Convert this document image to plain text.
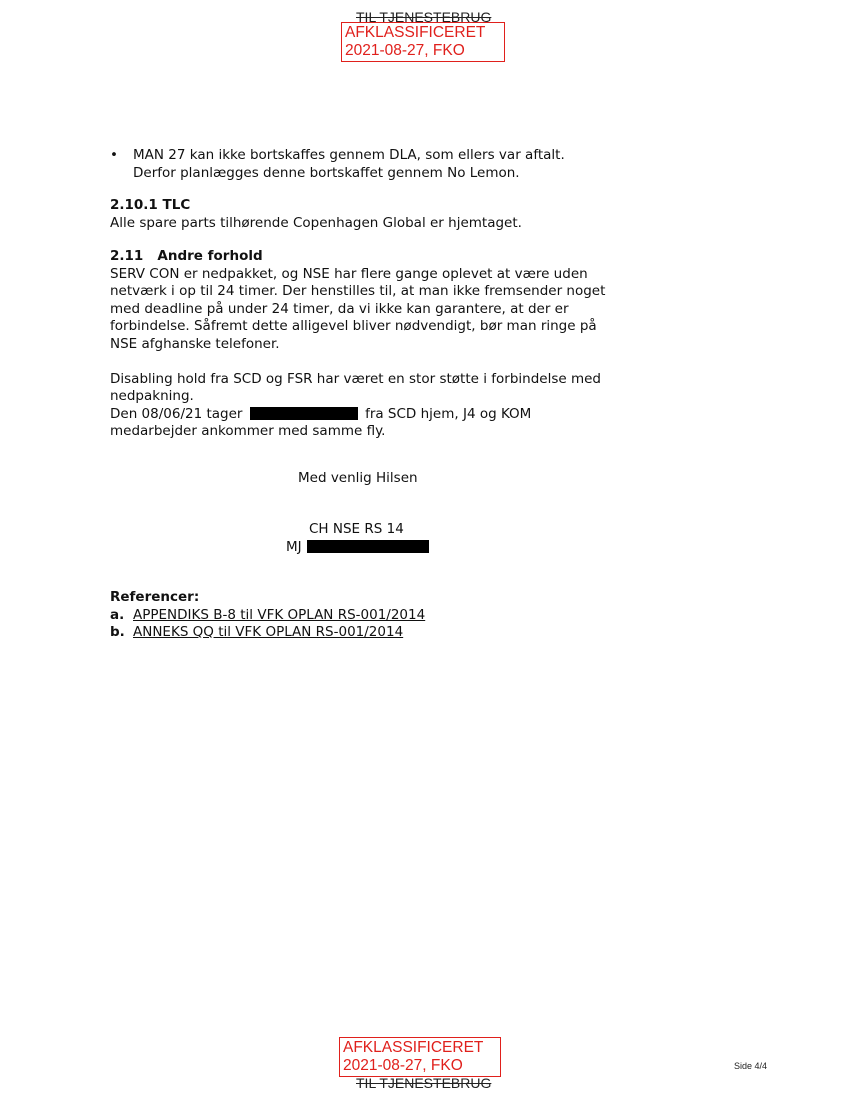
TIL TJENESTEBRUG
AFKLASSIFICERET
2021-08-27, FKO
• MAN 27 kan ikke bortskaffes gennem DLA, som ellers var aftalt.

Derfor planlægges denne bortskaffet gennem No Lemon.

2.10.1 TLC

Alle spare parts tilhørende Copenhagen Global er hjemtaget.

2.11 Andre forhold

SERV CON er nedpakket, og NSE har flere gange oplevet at være uden

netværk i op til 24 timer. Der henstilles til, at man ikke fremsender noget

med deadline på under 24 timer, da vi ikke kan garantere, at der er

forbindelse. Såfremt dette alligevel bliver nødvendigt, bør man ringe på

NSE afghanske telefoner.

Disabling hold fra SCD og FSR har været en stor støtte i forbindelse med

nedpakning.

Den 08/06/21 tager	fra SCD hjem, J4 og KOM

medarbejder ankommer med samme fly.

Med venlig Hilsen
CH NSE RS 14
MJ

Referencer:

a. APPENDIKS B-8 til VFK OPLAN RS-001/2014

b. ANNEKS QQ til VFK OPLAN RS-001/2014

AFKLASSIFICERET
2021-08-27, FKO
TIL TJENESTEBRUG
Side 4/4
